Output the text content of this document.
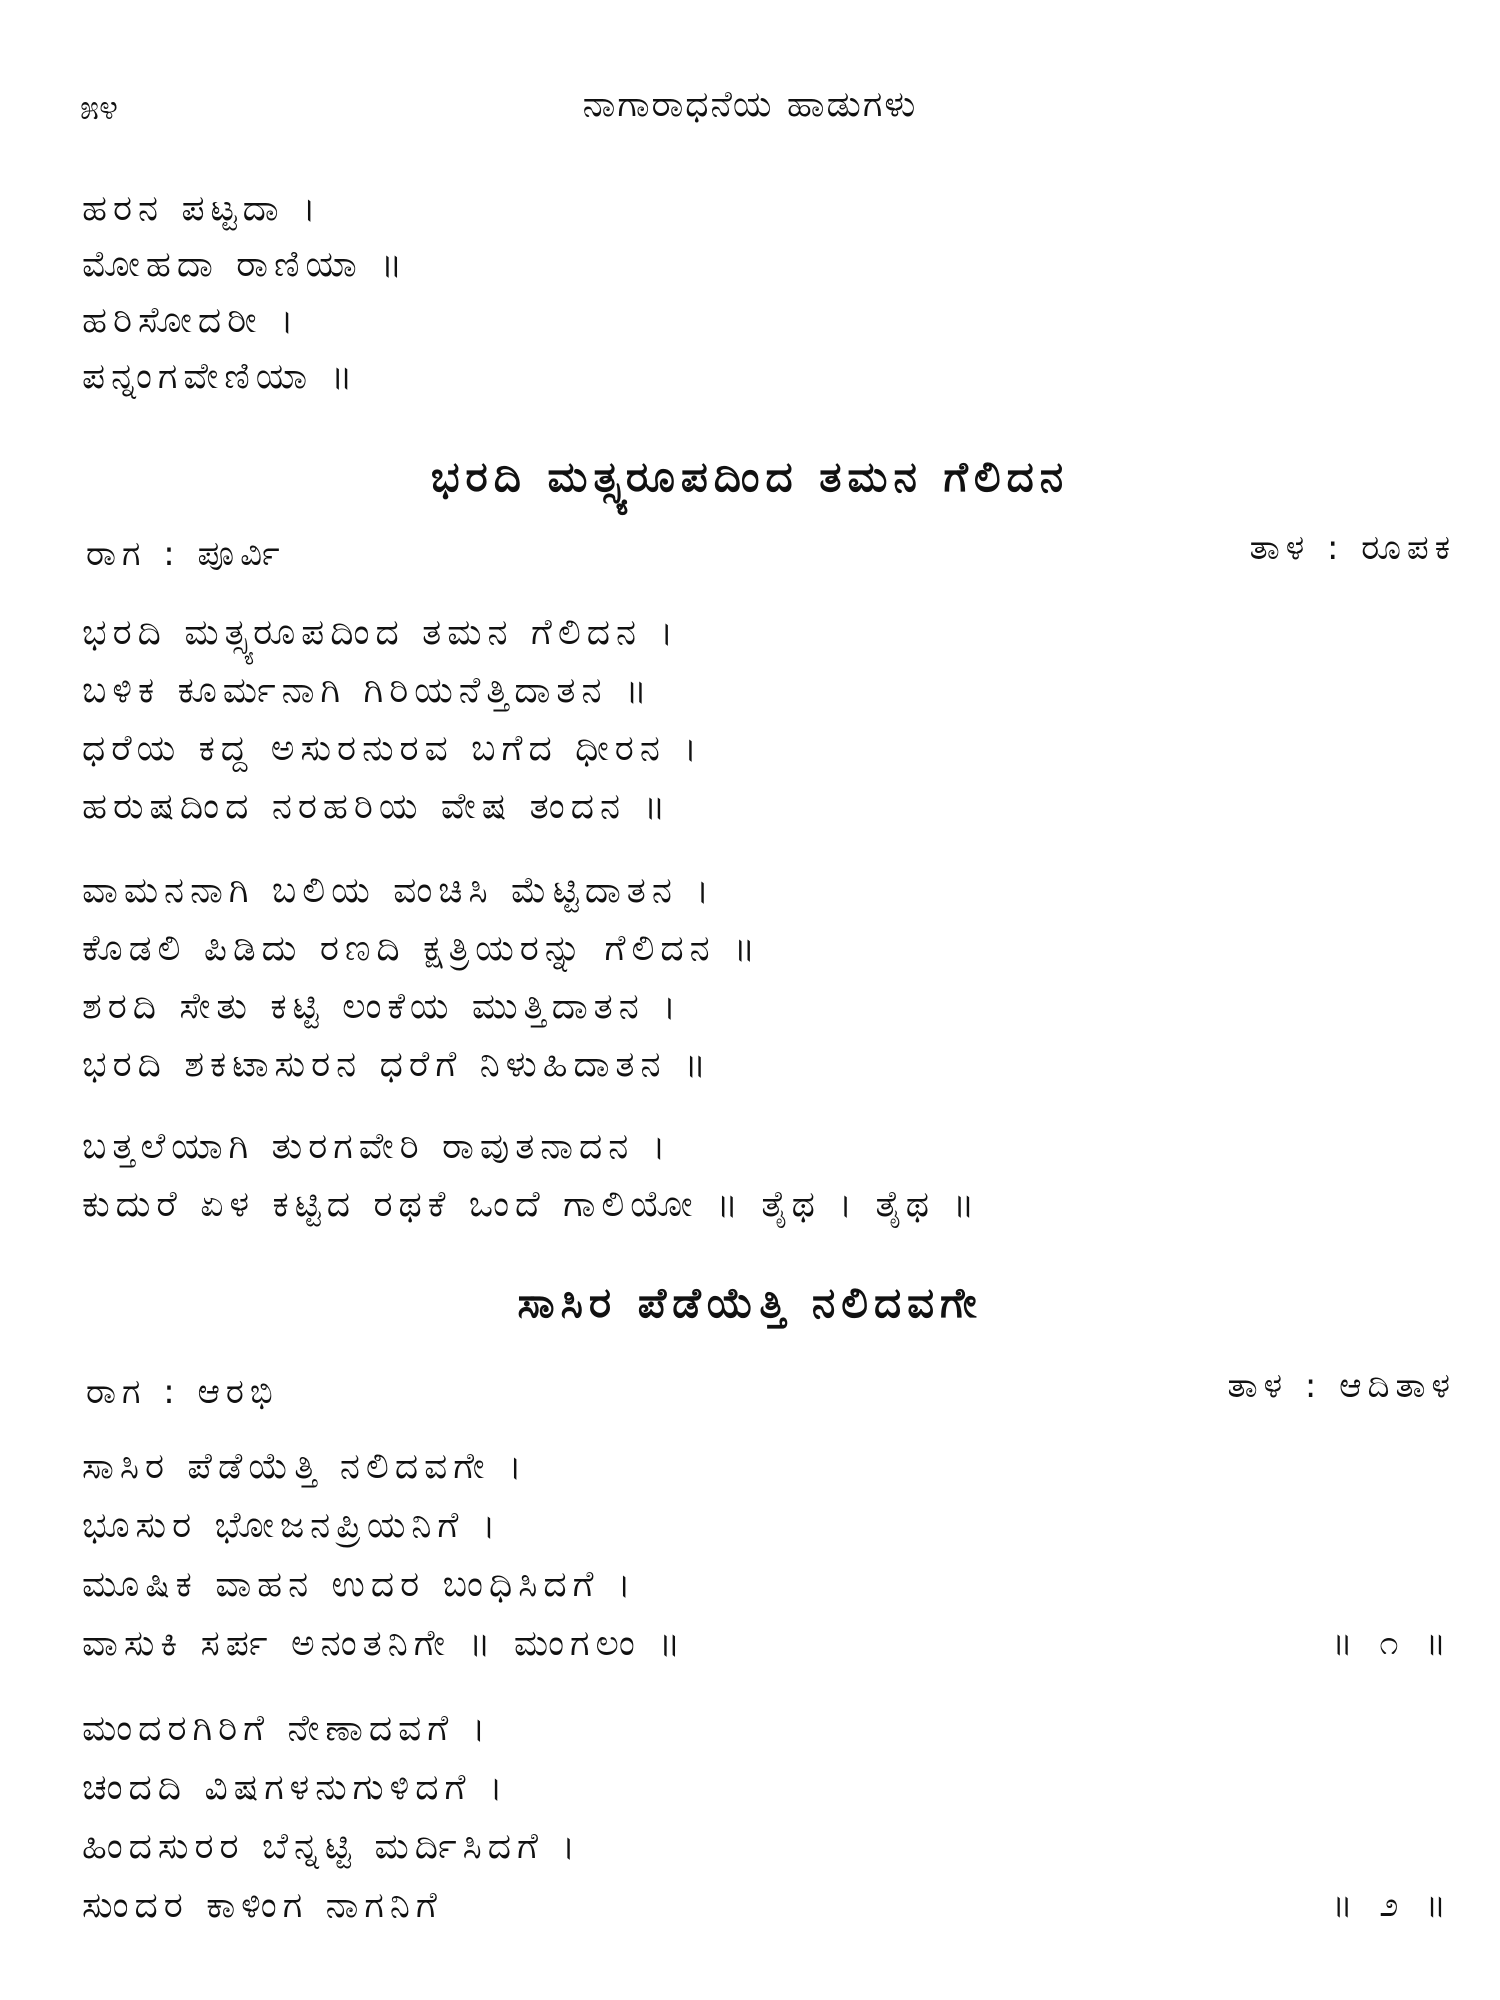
೫೪	ನಾಗಾರಾಧನೆಯ ಹಾಡುಗಳು
ಹರನ ಪಟ್ಟದಾ ।
ಮೋಹದಾ ರಾಣಿಯಾ ॥
ಹರಿಸೋದರೀ ।
ಪನ್ನಂಗವೇಣಿಯಾ ॥
ಭರದಿ ಮತ್ಸ್ಯರೂಪದಿಂದ ತಮನ ಗೆಲಿದನ
ರಾಗ : ಪೂರ್ವಿ	ತಾಳ : ರೂಪಕ
ಭರದಿ ಮತ್ಸ್ಯರೂಪದಿಂದ ತಮನ ಗೆಲಿದನ ।
ಬಳಿಕ ಕೂರ್ಮನಾಗಿ ಗಿರಿಯನೆತ್ತಿದಾತನ ॥
ಧರೆಯ ಕದ್ದ ಅಸುರನುರವ ಬಗೆದ ಧೀರನ ।
ಹರುಷದಿಂದ ನರಹರಿಯ ವೇಷ ತಂದನ ॥
ವಾಮನನಾಗಿ ಬಲಿಯ ವಂಚಿಸಿ ಮೆಟ್ಟಿದಾತನ ।
ಕೊಡಲಿ ಪಿಡಿದು ರಣದಿ ಕ್ಷತ್ರಿಯರನ್ನು ಗೆಲಿದನ ॥
ಶರದಿ ಸೇತು ಕಟ್ಟಿ ಲಂಕೆಯ ಮುತ್ತಿದಾತನ ।
ಭರದಿ ಶಕಟಾಸುರನ ಧರೆಗೆ ನಿಳುಹಿದಾತನ ॥
ಬತ್ತಲೆಯಾಗಿ ತುರಗವೇರಿ ರಾವುತನಾದನ ।
ಕುದುರೆ ಏಳ ಕಟ್ಟಿದ ರಥಕೆ ಒಂದೆ ಗಾಲಿಯೋ ॥ ತೈಥ । ತೈಥ ॥
ಸಾಸಿರ ಪೆಡೆಯೆತ್ತಿ ನಲಿದವಗೇ
ರಾಗ : ಆರಭಿ	ತಾಳ : ಆದಿತಾಳ
ಸಾಸಿರ ಪೆಡೆಯೆತ್ತಿ ನಲಿದವಗೇ ।
ಭೂಸುರ ಭೋಜನಪ್ರಿಯನಿಗೆ ।
ಮೂಷಿಕ ವಾಹನ ಉದರ ಬಂಧಿಸಿದಗೆ ।
ವಾಸುಕಿ ಸರ್ಪ ಅನಂತನಿಗೇ ॥ ಮಂಗಲಂ ॥	॥ ೧ ॥
ಮಂದರಗಿರಿಗೆ ನೇಣಾದವಗೆ ।
ಚಂದದಿ ವಿಷಗಳನುಗುಳಿದಗೆ ।
ಹಿಂದಸುರರ ಬೆನ್ನಟ್ಟಿ ಮರ್ದಿಸಿದಗೆ ।
ಸುಂದರ ಕಾಳಿಂಗ ನಾಗನಿಗೆ	॥ ೨ ॥
